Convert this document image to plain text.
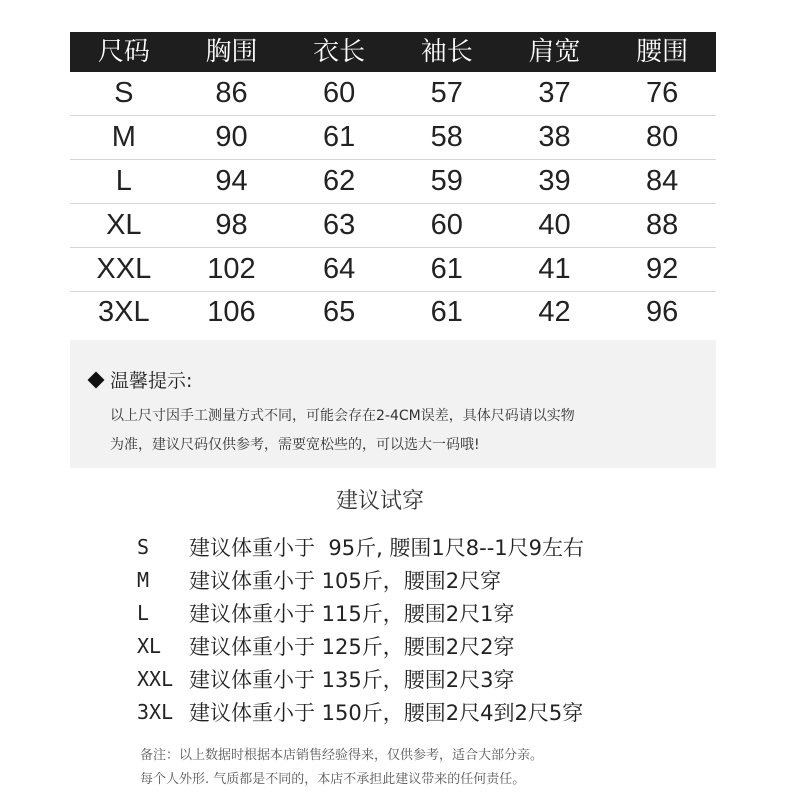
尺码	胸围	衣长	袖长	肩宽	腰围
S	86	60	57	37	76
M	90	61	58	38	80
L	94	62	59	39	84
XL	98	63	60	40	88
XXL	102	64	61	41	92
3XL	106	65	61	42	96
温馨提示:
以上尺寸因手工测量方式不同，可能会存在2-4CM误差，具体尺码请以实物
为准，建议尺码仅供参考，需要宽松些的，可以选大一码哦!
建议试穿
S	建议体重小于  95斤, 腰围1尺8--1尺9左右
M	建议体重小于 105斤，腰围2尺穿
L	建议体重小于 115斤，腰围2尺1穿
XL	建议体重小于 125斤，腰围2尺2穿
XXL 建议体重小于 135斤，腰围2尺3穿
3XL 建议体重小于 150斤，腰围2尺4到2尺5穿
备注：以上数据时根据本店销售经验得来，仅供参考，适合大部分亲。
每个人外形. 气质都是不同的，本店不承担此建议带来的任何责任。
